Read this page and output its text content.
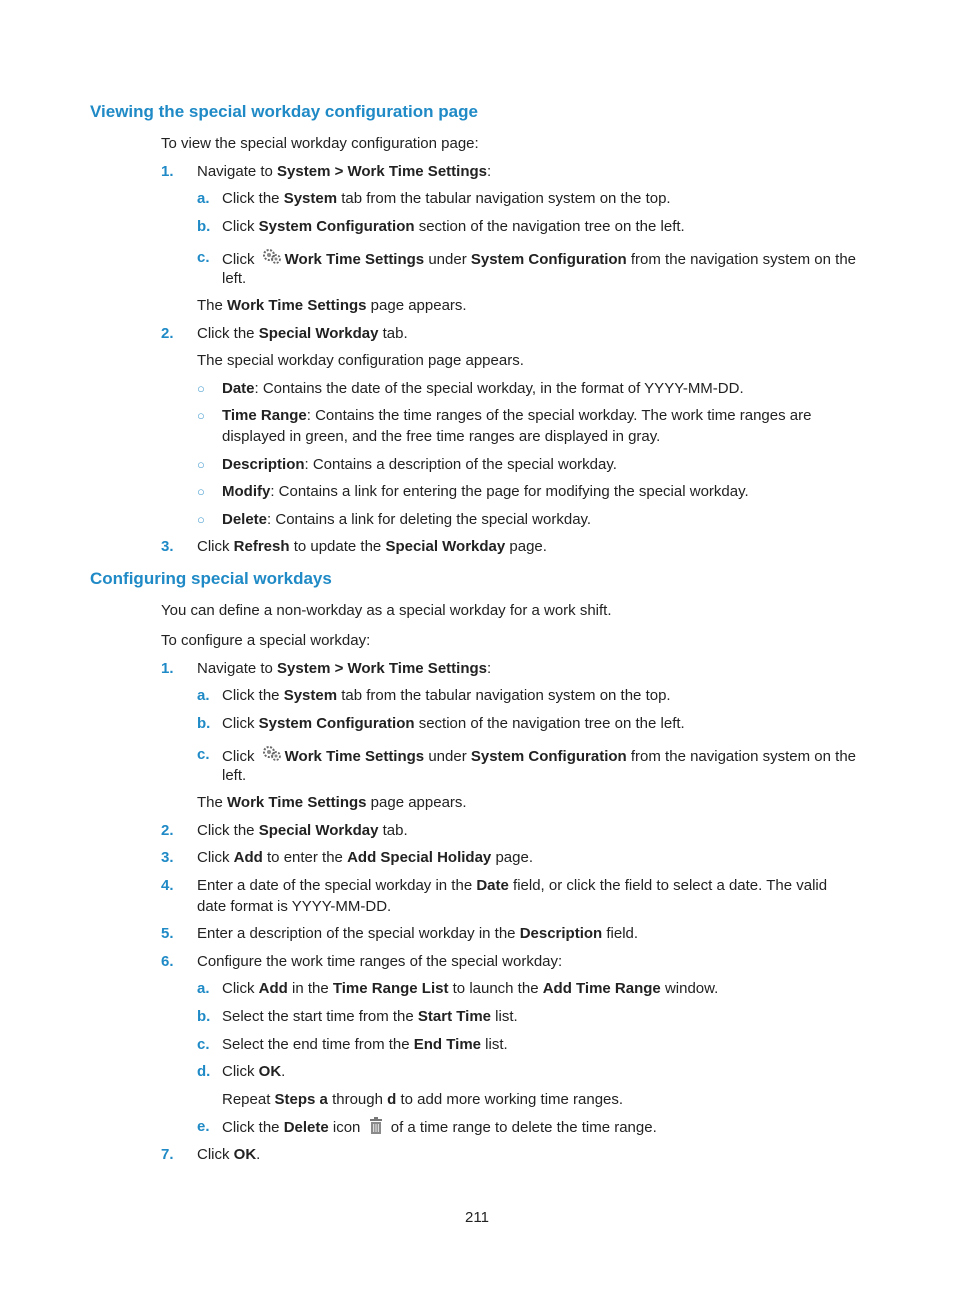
Viewing the special workday configuration page
To view the special workday configuration page:
1. Navigate to System > Work Time Settings:
a. Click the System tab from the tabular navigation system on the top.
b. Click System Configuration section of the navigation tree on the left.
c. Click Work Time Settings under System Configuration from the navigation system on the
left.
The Work Time Settings page appears.
2. Click the Special Workday tab.
The special workday configuration page appears.
○ Date: Contains the date of the special workday, in the format of YYYY-MM-DD.
○ Time Range: Contains the time ranges of the special workday. The work time ranges are
displayed in green, and the free time ranges are displayed in gray.
○ Description: Contains a description of the special workday.
○ Modify: Contains a link for entering the page for modifying the special workday.
○ Delete: Contains a link for deleting the special workday.
3. Click Refresh to update the Special Workday page.
Configuring special workdays
You can define a non-workday as a special workday for a work shift.
To configure a special workday:
1. Navigate to System > Work Time Settings:
a. Click the System tab from the tabular navigation system on the top.
b. Click System Configuration section of the navigation tree on the left.
c. Click Work Time Settings under System Configuration from the navigation system on the
left.
The Work Time Settings page appears.
2. Click the Special Workday tab.
3. Click Add to enter the Add Special Holiday page.
4. Enter a date of the special workday in the Date field, or click the field to select a date. The valid
date format is YYYY-MM-DD.
5. Enter a description of the special workday in the Description field.
6. Configure the work time ranges of the special workday:
a. Click Add in the Time Range List to launch the Add Time Range window.
b. Select the start time from the Start Time list.
c. Select the end time from the End Time list.
d. Click OK.
Repeat Steps a through d to add more working time ranges.
e. Click the Delete icon  of a time range to delete the time range.
7. Click OK.
211
